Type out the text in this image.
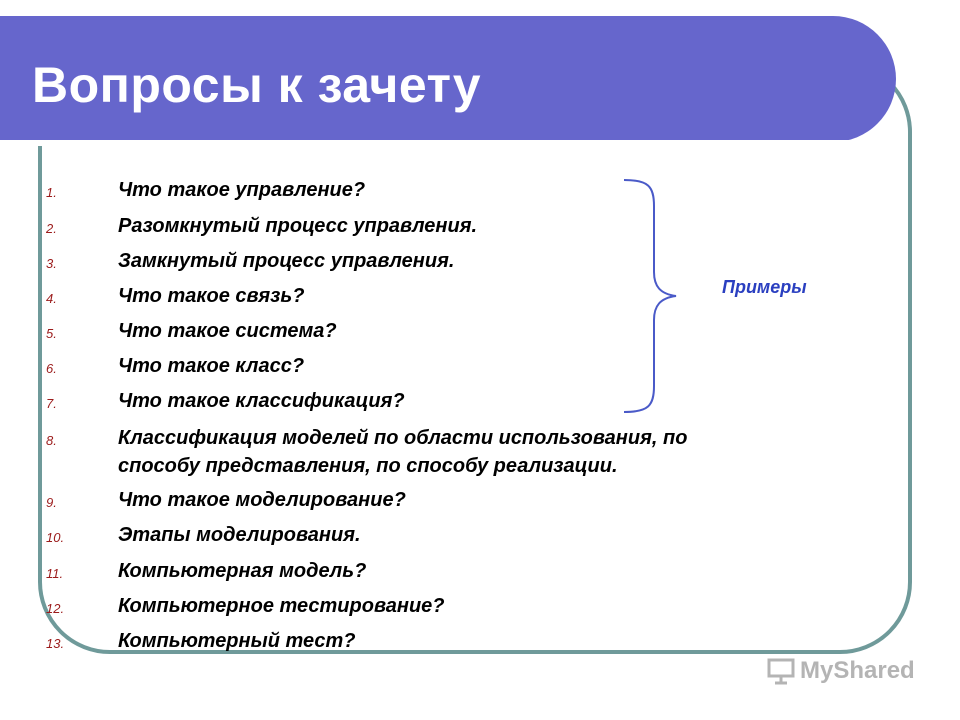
Вопросы к зачету
1.	Что такое управление?
2.	Разомкнутый процесс управления.
3.	Замкнутый процесс управления.
4.	Что такое связь?
5.	Что такое система?
6.	Что такое класс?
7.	Что такое классификация?
8.	Классификация моделей по области использования, по
способу представления, по способу реализации.
9.	Что такое моделирование?
10.	Этапы моделирования.
11.	Компьютерная модель?
12.	Компьютерное тестирование?
13.	Компьютерный тест?
Примеры
MyShared
